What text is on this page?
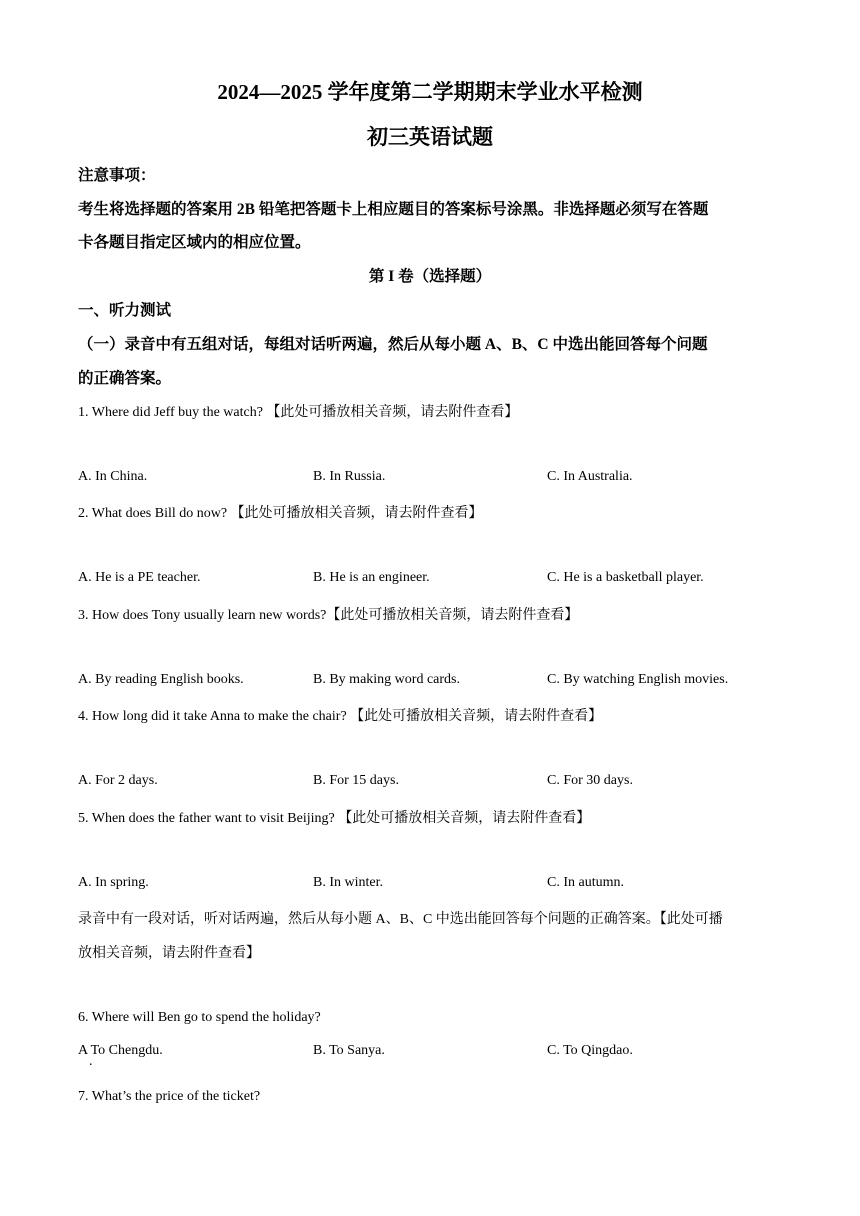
2024—2025 学年度第二学期期末学业水平检测
初三英语试题
注意事项：
考生将选择题的答案用 2B 铅笔把答题卡上相应题目的答案标号涂黑。非选择题必须写在答题
卡各题目指定区域内的相应位置。
第 I 卷（选择题）
一、听力测试
（一）录音中有五组对话，每组对话听两遍，然后从每小题 A、B、C 中选出能回答每个问题
的正确答案。
1. Where did Jeff buy the watch? 【此处可播放相关音频，请去附件查看】
A. In China.	B. In Russia.	C. In Australia.
2. What does Bill do now? 【此处可播放相关音频，请去附件查看】
A. He is a PE teacher.	B. He is an engineer.	C. He is a basketball player.
3. How does Tony usually learn new words?【此处可播放相关音频，请去附件查看】
A. By reading English books.	B. By making word cards.	C. By watching English movies.
4. How long did it take Anna to make the chair? 【此处可播放相关音频，请去附件查看】
A. For 2 days.	B. For 15 days.	C. For 30 days.
5. When does the father want to visit Beijing? 【此处可播放相关音频，请去附件查看】
A. In spring.	B. In winter.	C. In autumn.
录音中有一段对话，听对话两遍，然后从每小题 A、B、C 中选出能回答每个问题的正确答案。【此处可播
放相关音频，请去附件查看】
6. Where will Ben go to spend the holiday?
A To Chengdu.
.
B. To Sanya.	C. To Qingdao.
7. What’s the price of the ticket?
